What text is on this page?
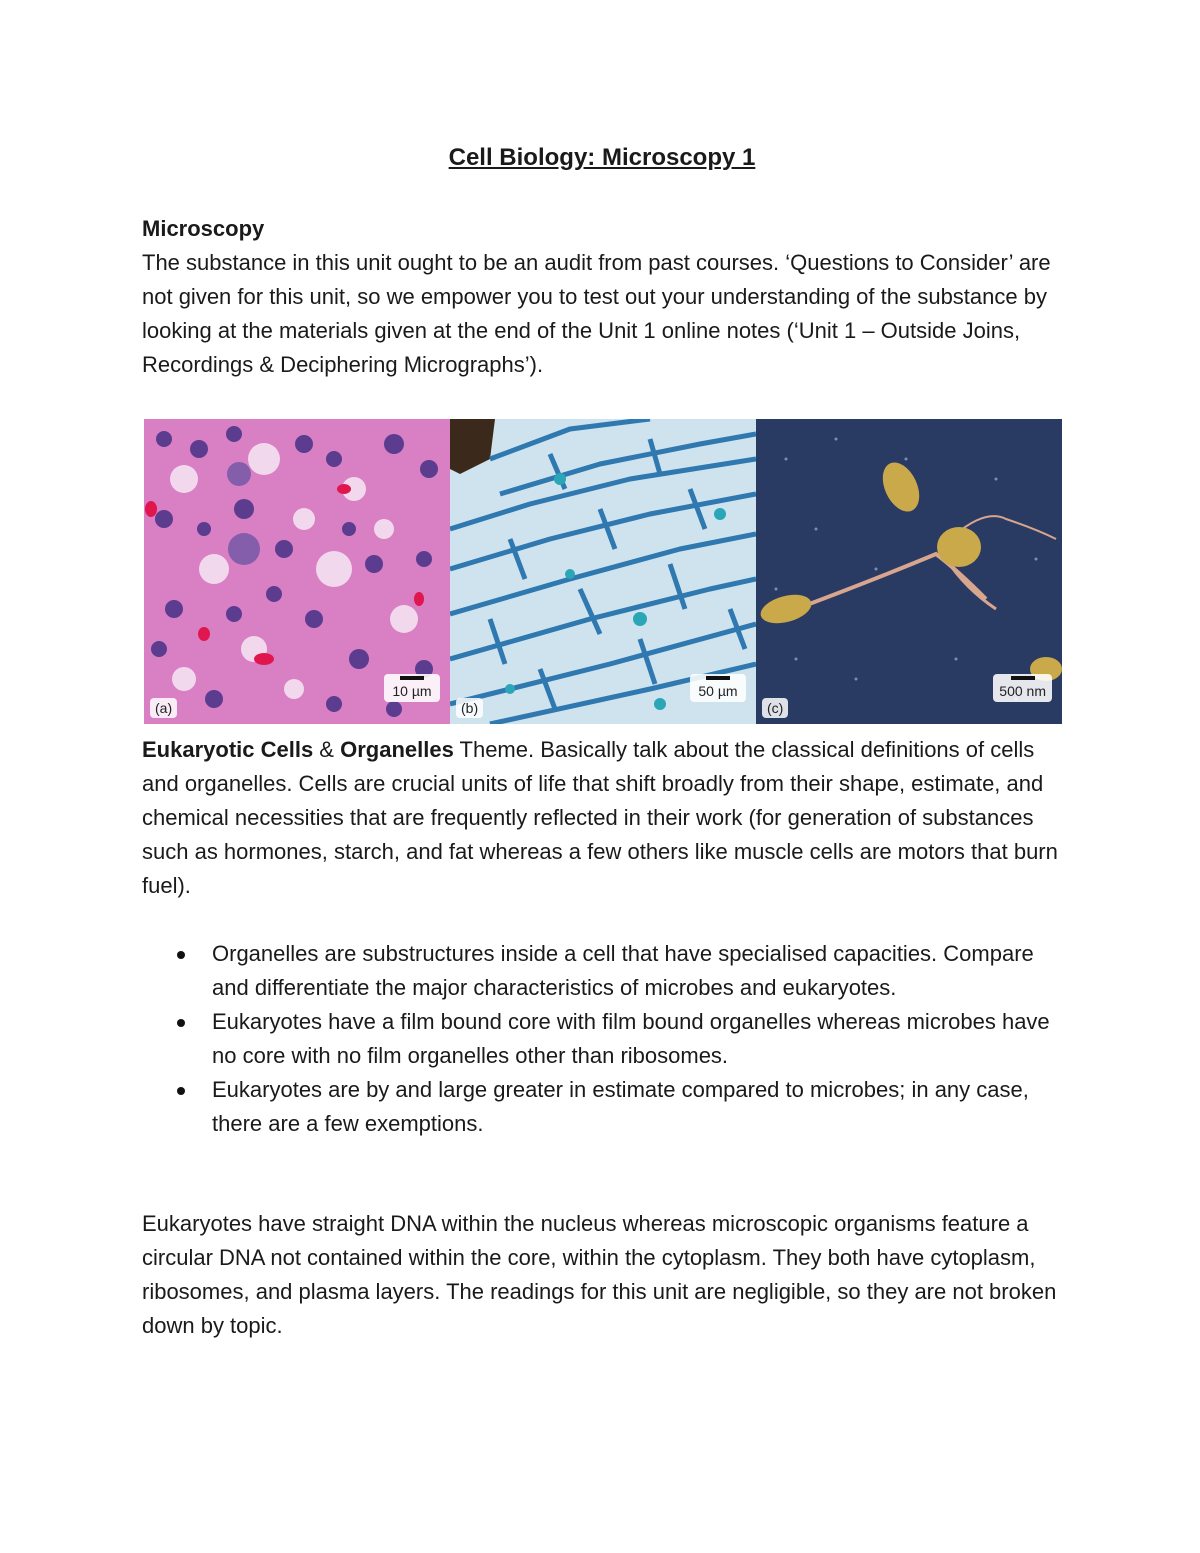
Cell Biology: Microscopy 1
Microscopy

The substance in this unit ought to be an audit from past courses. ‘Questions to Consider’ are not given for this unit, so we empower you to test out your understanding of the substance by looking at the materials given at the end of the Unit 1 online notes (‘Unit 1 – Outside Joins, Recordings & Deciphering Micrographs’).

(a)
10 µm
(b)
50 µm
(c)
500 nm

Eukaryotic Cells & Organelles Theme. Basically talk about the classical definitions of cells and organelles. Cells are crucial units of life that shift broadly from their shape, estimate, and chemical necessities that are frequently reflected in their work (for generation of substances such as hormones, starch, and fat whereas a few others like muscle cells are motors that burn fuel).

Organelles are substructures inside a cell that have specialised capacities. Compare and differentiate the major characteristics of microbes and eukaryotes.
Eukaryotes have a film bound core with film bound organelles whereas microbes have no core with no film organelles other than ribosomes.
Eukaryotes are by and large greater in estimate compared to microbes; in any case, there are a few exemptions.

Eukaryotes have straight DNA within the nucleus whereas microscopic organisms feature a circular DNA not contained within the core, within the cytoplasm. They both have cytoplasm, ribosomes, and plasma layers. The readings for this unit are negligible, so they are not broken down by topic.
